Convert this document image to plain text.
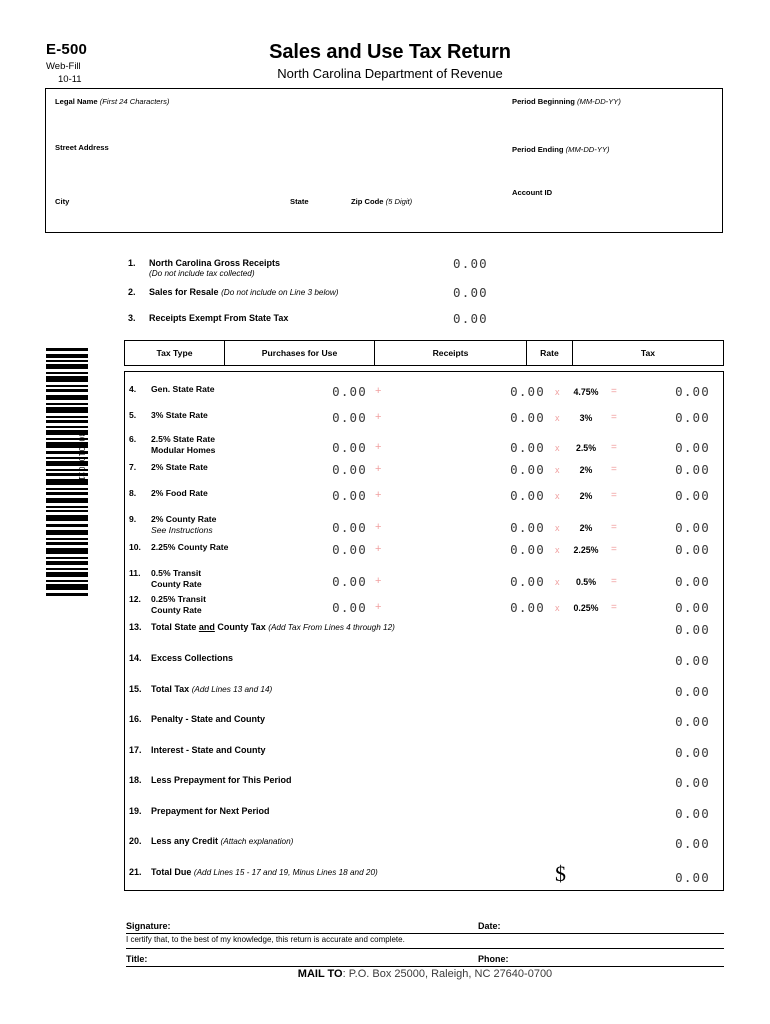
E-500
Web-Fill
10-11
Sales and Use Tax Return
North Carolina Department of Revenue
Legal Name (First 24 Characters)
Street Address
City	State	Zip Code (5 Digit)
Period Beginning (MM-DD-YY)
Period Ending (MM-DD-YY)
Account ID
1.	North Carolina Gross Receipts
(Do not include tax collected)
0.00
2.	Sales for Resale (Do not include on Line 3 below)	0.00
3.	Receipts Exempt From State Tax	0.00
8000104011
Tax Type	Purchases for Use	Receipts	Rate	Tax
4.	Gen. State Rate	0.00 +	0.00 x	4.75%	=	0.00
5.	3% State Rate	0.00 +	0.00 x	3%	=	0.00
6.	2.5% State Rate
Modular Homes	0.00 +	0.00 x	2.5%	=	0.00
7.	2% State Rate	0.00 +	0.00 x	2%	=	0.00
8.	2% Food Rate	0.00 +	0.00 x	2%	=	0.00
9.	2% County Rate
See Instructions	0.00 +	0.00 x	2%	=	0.00
10.	2.25% County Rate	0.00 +	0.00 x	2.25%	=	0.00
11.	0.5% Transit
County Rate	0.00 +	0.00 x	0.5%	=	0.00
12.	0.25% Transit
County Rate	0.00 +	0.00 x	0.25%	=	0.00
13.	Total State and County Tax (Add Tax From Lines 4 through 12)	0.00
14.	Excess Collections	0.00
15.	Total Tax (Add Lines 13 and 14)	0.00
16.	Penalty - State and County	0.00
17.	Interest - State and County	0.00
18.	Less Prepayment for This Period	0.00
19.	Prepayment for Next Period	0.00
20.	Less any Credit (Attach explanation)	0.00
21.	Total Due (Add Lines 15 - 17 and 19, Minus Lines 18 and 20)	$	0.00
Signature:	Date:
I certify that, to the best of my knowledge, this return is accurate and complete.
Title:	Phone:
MAIL TO: P.O. Box 25000, Raleigh, NC 27640-0700
